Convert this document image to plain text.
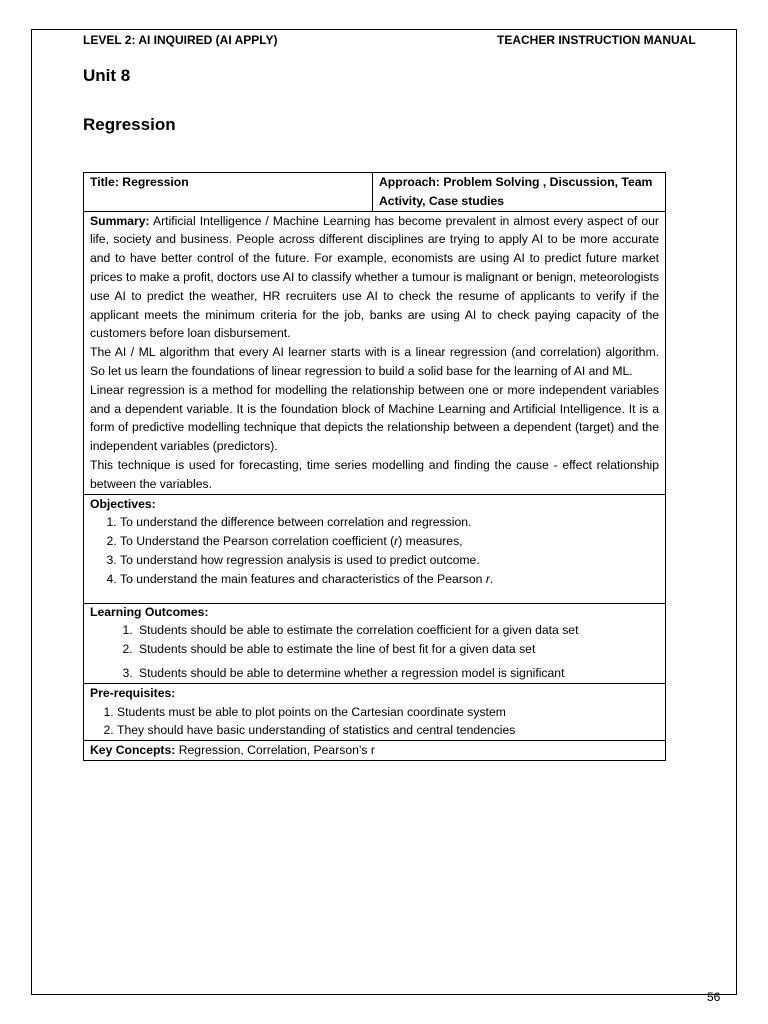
LEVEL 2: AI INQUIRED (AI APPLY)	TEACHER INSTRUCTION MANUAL
Unit 8
Regression
Title: Regression	Approach: Problem Solving , Discussion, Team Activity, Case studies

Summary: Artificial Intelligence / Machine Learning has become prevalent in almost every aspect of our life, society and business. People across different disciplines are trying to apply AI to be more accurate and to have better control of the future. For example, economists are using AI to predict future market prices to make a profit, doctors use AI to classify whether a tumour is malignant or benign, meteorologists use AI to predict the weather, HR recruiters use AI to check the resume of applicants to verify if the applicant meets the minimum criteria for the job, banks are using AI to check paying capacity of the customers before loan disbursement.

The AI / ML algorithm that every AI learner starts with is a linear regression (and correlation) algorithm. So let us learn the foundations of linear regression to build a solid base for the learning of AI and ML.

Linear regression is a method for modelling the relationship between one or more independent variables and a dependent variable. It is the foundation block of Machine Learning and Artificial Intelligence. It is a form of predictive modelling technique that depicts the relationship between a dependent (target) and the independent variables (predictors).

This technique is used for forecasting, time series modelling and finding the cause - effect relationship between the variables.

Objectives:
1. To understand the difference between correlation and regression.
2. To Understand the Pearson correlation coefficient (r) measures,
3. To understand how regression analysis is used to predict outcome.
4. To understand the main features and characteristics of the Pearson r.

Learning Outcomes:
1. Students should be able to estimate the correlation coefficient for a given data set
2. Students should be able to estimate the line of best fit for a given data set
3. Students should be able to determine whether a regression model is significant

Pre-requisites:
1. Students must be able to plot points on the Cartesian coordinate system
2. They should have basic understanding of statistics and central tendencies

Key Concepts: Regression, Correlation, Pearson’s r
56
